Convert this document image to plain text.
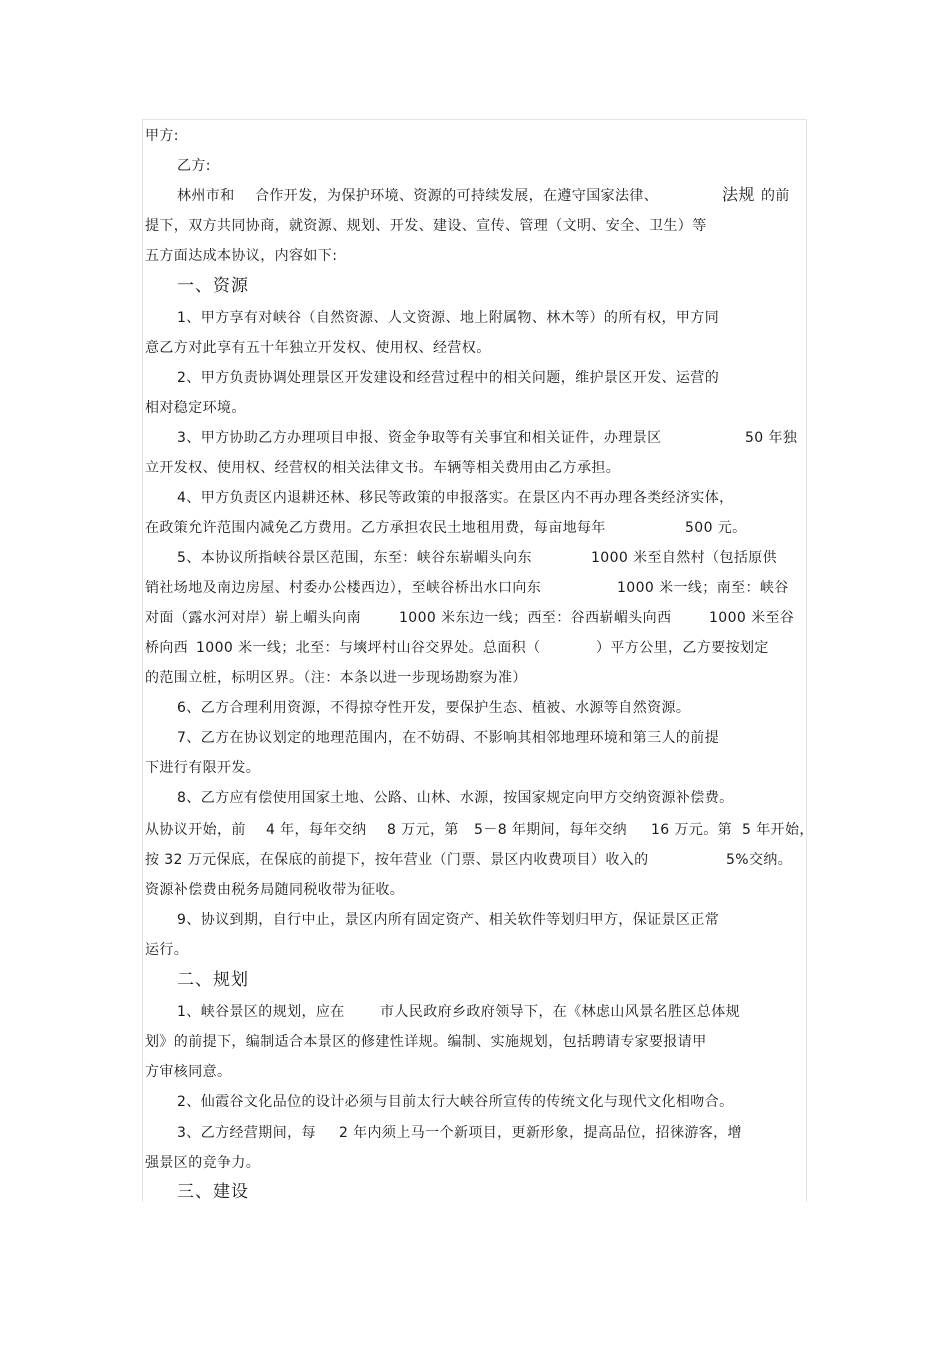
甲方:
乙方:
林州市和 合作开发，为保护环境、资源的可持续发展，在遵守国家法律、	法规 的前
提下，双方共同协商，就资源、规划、开发、建设、宣传、管理（文明、安全、卫生）等
五方面达成本协议，内容如下:
一、资源
1、甲方享有对峡谷（自然资源、人文资源、地上附属物、林木等）的所有权，甲方同
意乙方对此享有五十年独立开发权、使用权、经营权。
2、甲方负责协调处理景区开发建设和经营过程中的相关问题，维护景区开发、运营的
相对稳定环境。
3、甲方协助乙方办理项目申报、资金争取等有关事宜和相关证件，办理景区	50 年独
立开发权、使用权、经营权的相关法律文书。车辆等相关费用由乙方承担。
4、甲方负责区内退耕还林、移民等政策的申报落实。在景区内不再办理各类经济实体，
在政策允许范围内减免乙方费用。乙方承担农民土地租用费，每亩地每年	500 元。
5、本协议所指峡谷景区范围，东至：峡谷东崭嵋头向东	1000 米至自然村（包括原供
销社场地及南边房屋、村委办公楼西边），至峡谷桥出水口向东	1000 米一线；南至：峡谷
对面（露水河对岸）崭上嵋头向南	1000 米东边一线；西至：谷西崭嵋头向西	1000 米至谷
桥向西 1000 米一线；北至：与塽坪村山谷交界处。总面积（	）平方公里，乙方要按划定
的范围立桩，标明区界。（注：本条以进一步现场勘察为准）
6、乙方合理利用资源，不得掠夺性开发，要保护生态、植被、水源等自然资源。
7、乙方在协议划定的地理范围内，在不妨碍、不影响其相邻地理环境和第三人的前提
下进行有限开发。
8、乙方应有偿使用国家土地、公路、山林、水源，按国家规定向甲方交纳资源补偿费。
从协议开始，前 4 年，每年交纳 8 万元，第 5－8 年期间，每年交纳 16 万元。第 5 年开始，
按 32 万元保底，在保底的前提下，按年营业（门票、景区内收费项目）收入的	5%交纳。
资源补偿费由税务局随同税收带为征收。
9、协议到期，自行中止，景区内所有固定资产、相关软件等划归甲方，保证景区正常
运行。
二、规划
1、峡谷景区的规划，应在	市人民政府乡政府领导下，在《林虑山风景名胜区总体规
划》的前提下，编制适合本景区的修建性详规。编制、实施规划，包括聘请专家要报请甲
方审核同意。
2、仙霞谷文化品位的设计必须与目前太行大峡谷所宣传的传统文化与现代文化相吻合。
3、乙方经营期间，每 2 年内须上马一个新项目，更新形象，提高品位，招徕游客，增
强景区的竞争力。
三、建设
